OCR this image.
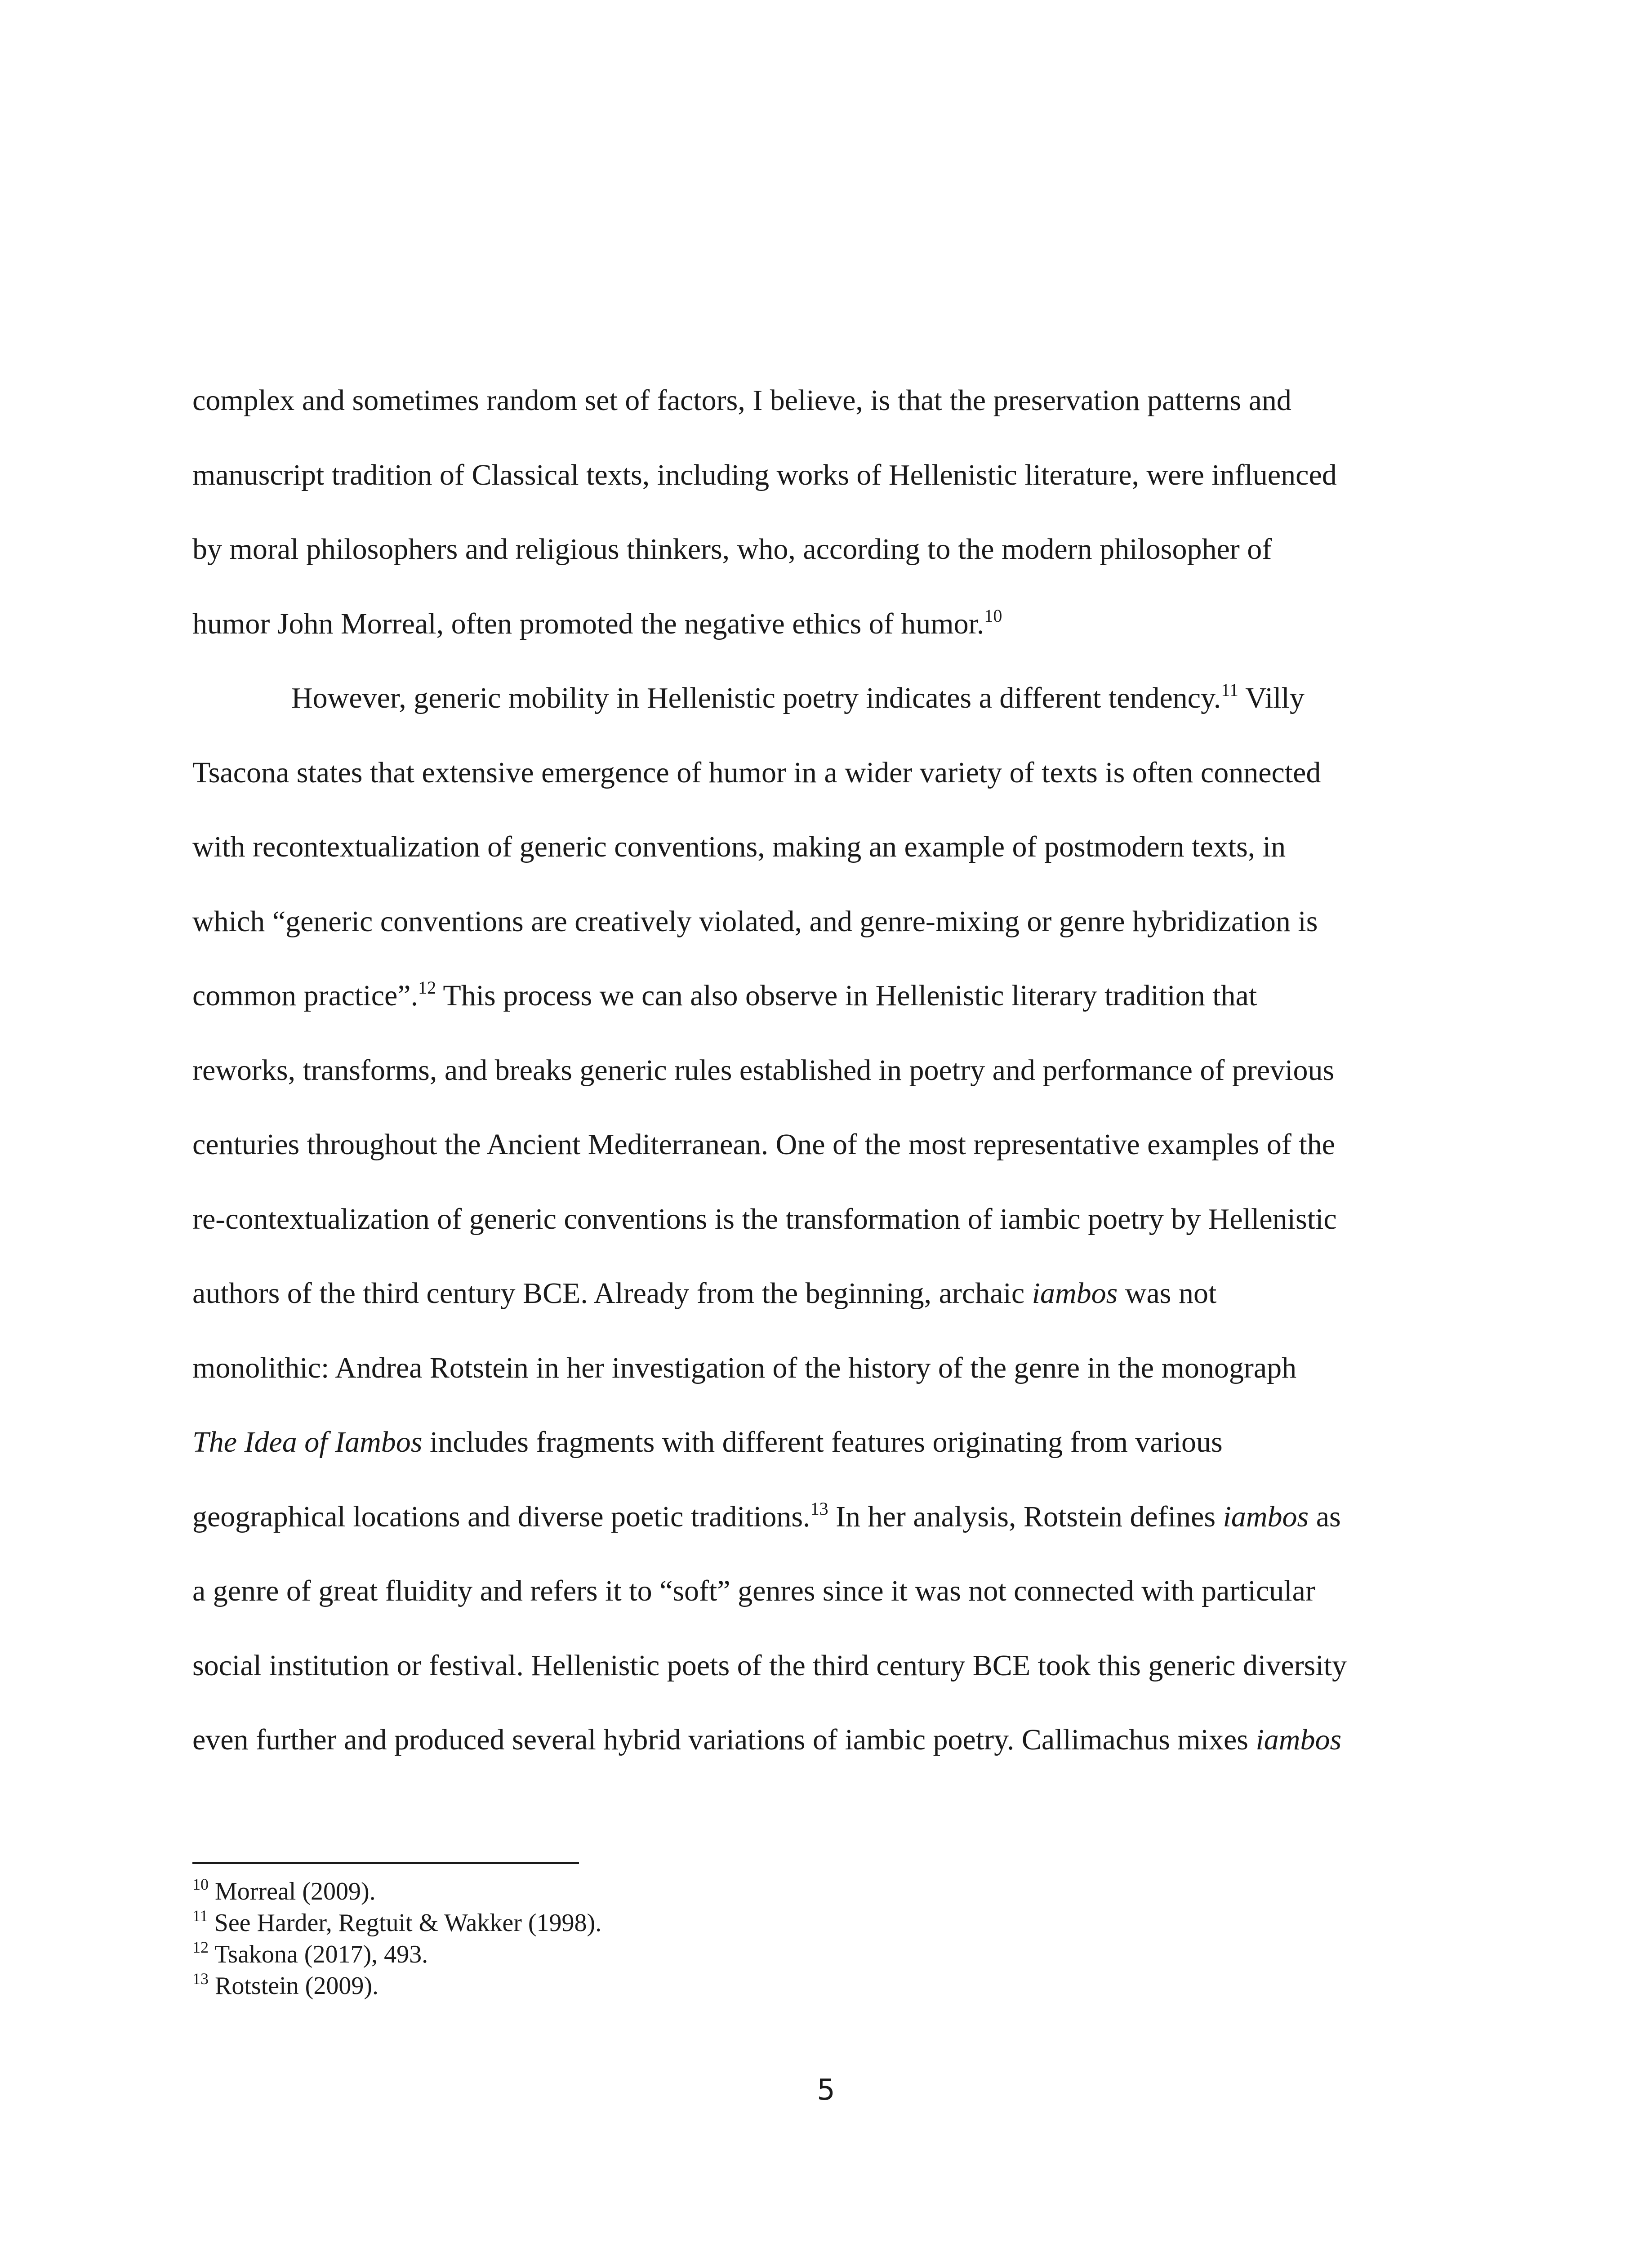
complex and sometimes random set of factors, I believe, is that the preservation patterns and
manuscript tradition of Classical texts, including works of Hellenistic literature, were influenced
by moral philosophers and religious thinkers, who, according to the modern philosopher of
humor John Morreal, often promoted the negative ethics of humor.$^{10}$
However, generic mobility in Hellenistic poetry indicates a different tendency.$^{11}$ Villy
Tsacona states that extensive emergence of humor in a wider variety of texts is often connected
with recontextualization of generic conventions, making an example of postmodern texts, in
which “generic conventions are creatively violated, and genre-mixing or genre hybridization is
common practice”.$^{12}$ This process we can also observe in Hellenistic literary tradition that
reworks, transforms, and breaks generic rules established in poetry and performance of previous
centuries throughout the Ancient Mediterranean. One of the most representative examples of the
re-contextualization of generic conventions is the transformation of iambic poetry by Hellenistic
authors of the third century BCE. Already from the beginning, archaic iambos was not
monolithic: Andrea Rotstein in her investigation of the history of the genre in the monograph
The Idea of Iambos includes fragments with different features originating from various
geographical locations and diverse poetic traditions.$^{13}$ In her analysis, Rotstein defines iambos as
a genre of great fluidity and refers it to “soft” genres since it was not connected with particular
social institution or festival. Hellenistic poets of the third century BCE took this generic diversity
even further and produced several hybrid variations of iambic poetry. Callimachus mixes iambos
$^{10}$ Morreal (2009).
$^{11}$ See Harder, Regtuit & Wakker (1998).
$^{12}$ Tsakona (2017), 493.
$^{13}$ Rotstein (2009).
5
